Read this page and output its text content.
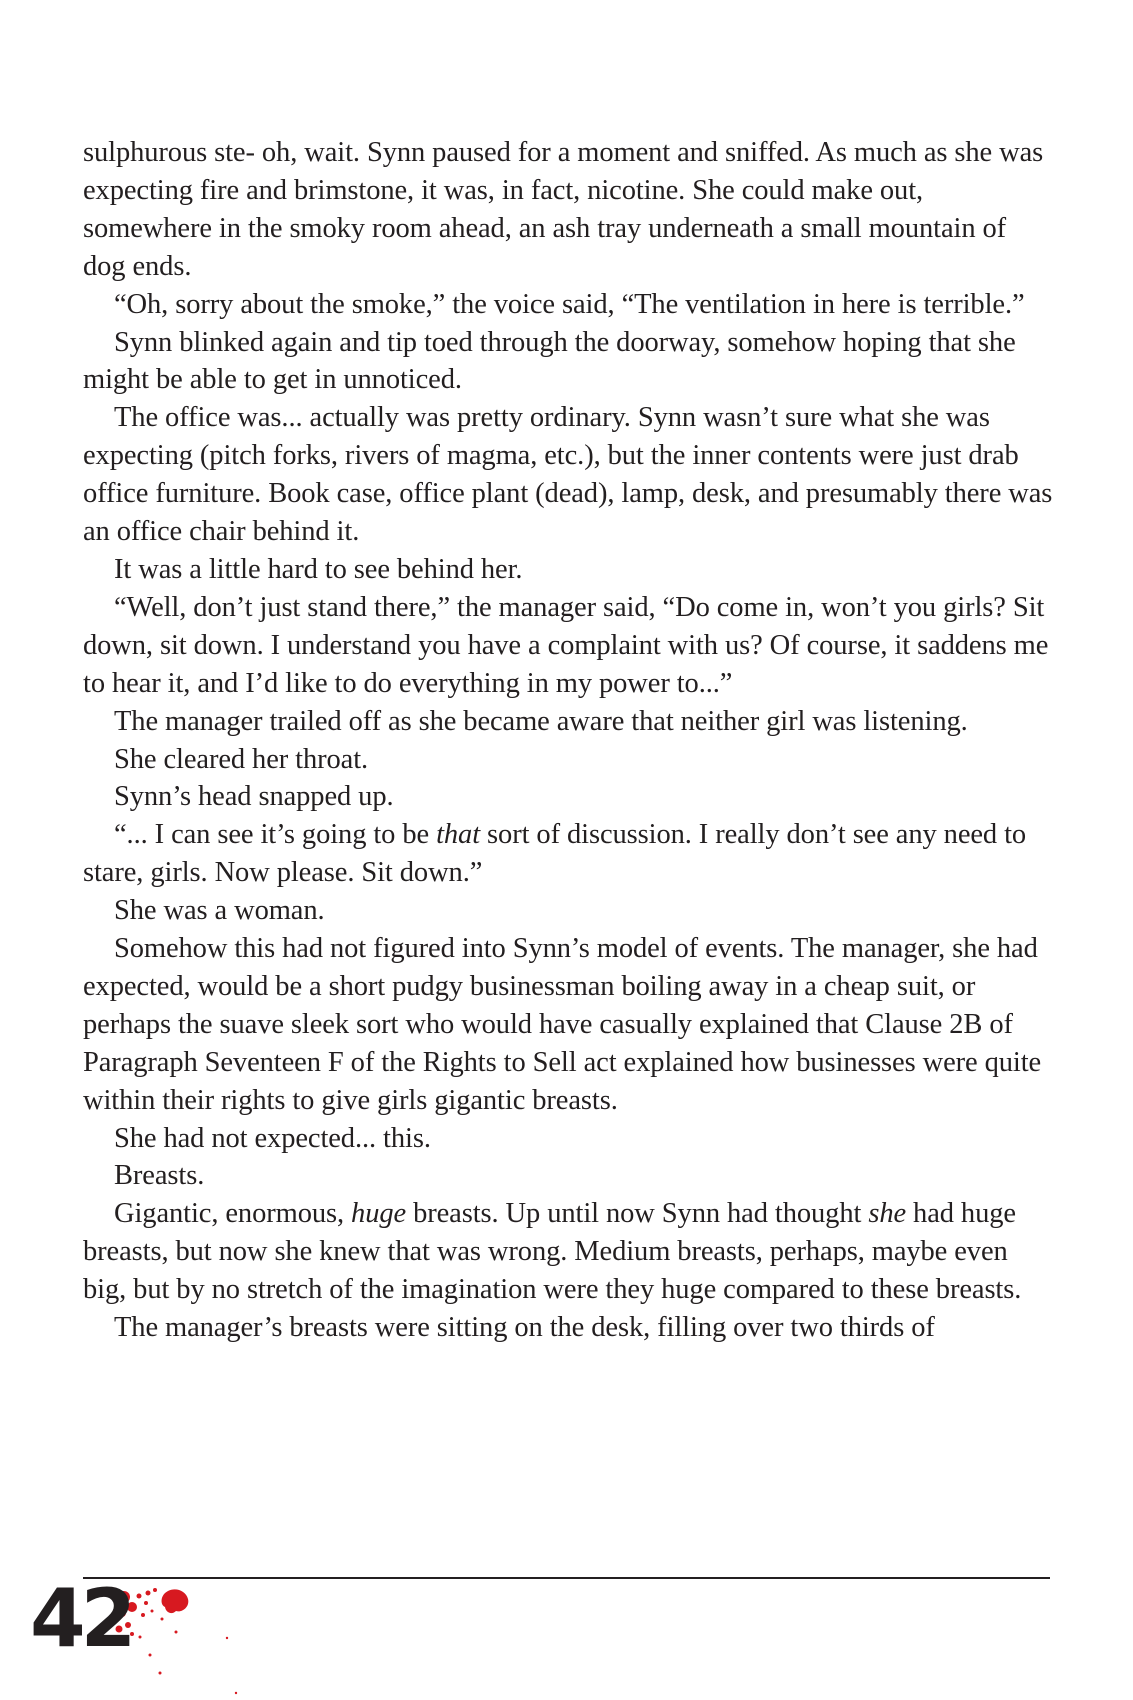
sulphurous ste- oh, wait. Synn paused for a moment and sniffed. As much as she was expecting fire and brimstone, it was, in fact, nicotine. She could make out, somewhere in the smoky room ahead, an ash tray underneath a small mountain of dog ends.

“Oh, sorry about the smoke,” the voice said, “The ventilation in here is terrible.”

Synn blinked again and tip toed through the doorway, somehow hoping that she might be able to get in unnoticed.

The office was... actually was pretty ordinary. Synn wasn’t sure what she was expecting (pitch forks, rivers of magma, etc.), but the inner contents were just drab office furniture. Book case, office plant (dead), lamp, desk, and presumably there was an office chair behind it.

It was a little hard to see behind her.

“Well, don’t just stand there,” the manager said, “Do come in, won’t you girls? Sit down, sit down. I understand you have a complaint with us? Of course, it saddens me to hear it, and I’d like to do everything in my power to...”

The manager trailed off as she became aware that neither girl was listening.

She cleared her throat.

Synn’s head snapped up.

“... I can see it’s going to be that sort of discussion. I really don’t see any need to stare, girls. Now please. Sit down.”

She was a woman.

Somehow this had not figured into Synn’s model of events. The manager, she had expected, would be a short pudgy businessman boiling away in a cheap suit, or perhaps the suave sleek sort who would have casually explained that Clause 2B of Paragraph Seventeen F of the Rights to Sell act explained how businesses were quite within their rights to give girls gigantic breasts.

She had not expected... this.

Breasts.

Gigantic, enormous, huge breasts. Up until now Synn had thought she had huge breasts, but now she knew that was wrong. Medium breasts, perhaps, maybe even big, but by no stretch of the imagination were they huge compared to these breasts.

The manager’s breasts were sitting on the desk, filling over two thirds of

42
